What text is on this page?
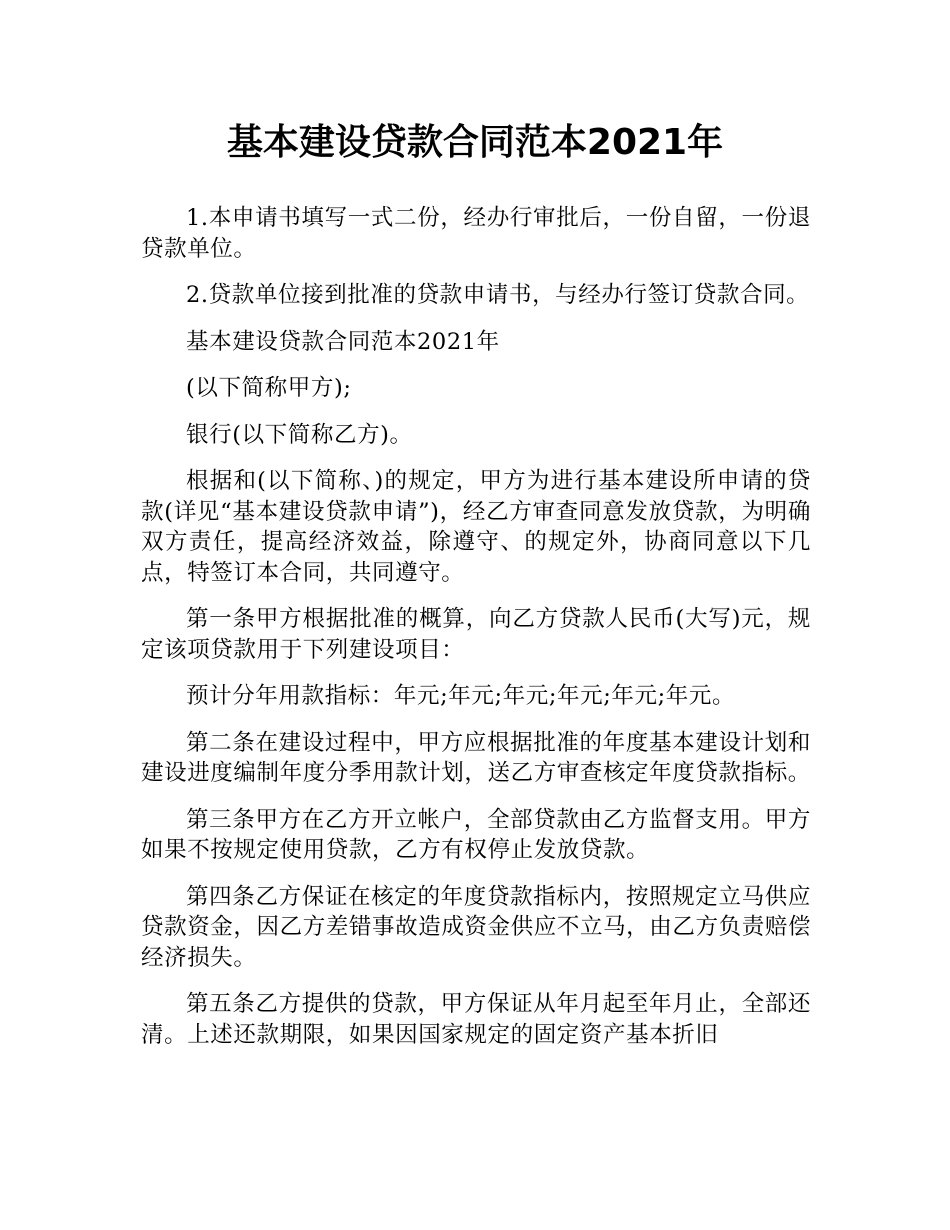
基本建设贷款合同范本2021年

1.本申请书填写一式二份，经办行审批后，一份自留，一份退贷款单位。

2.贷款单位接到批准的贷款申请书，与经办行签订贷款合同。

基本建设贷款合同范本2021年

(以下简称甲方);

银行(以下简称乙方)。

根据和(以下简称、)的规定，甲方为进行基本建设所申请的贷款(详见“基本建设贷款申请”)，经乙方审查同意发放贷款，为明确双方责任，提高经济效益，除遵守、的规定外，协商同意以下几点，特签订本合同，共同遵守。

第一条甲方根据批准的概算，向乙方贷款人民币(大写)元，规定该项贷款用于下列建设项目：

预计分年用款指标：年元;年元;年元;年元;年元;年元。

第二条在建设过程中，甲方应根据批准的年度基本建设计划和建设进度编制年度分季用款计划，送乙方审查核定年度贷款指标。

第三条甲方在乙方开立帐户，全部贷款由乙方监督支用。甲方如果不按规定使用贷款，乙方有权停止发放贷款。

第四条乙方保证在核定的年度贷款指标内，按照规定立马供应贷款资金，因乙方差错事故造成资金供应不立马，由乙方负责赔偿经济损失。

第五条乙方提供的贷款，甲方保证从年月起至年月止，全部还清。上述还款期限，如果因国家规定的固定资产基本折旧
